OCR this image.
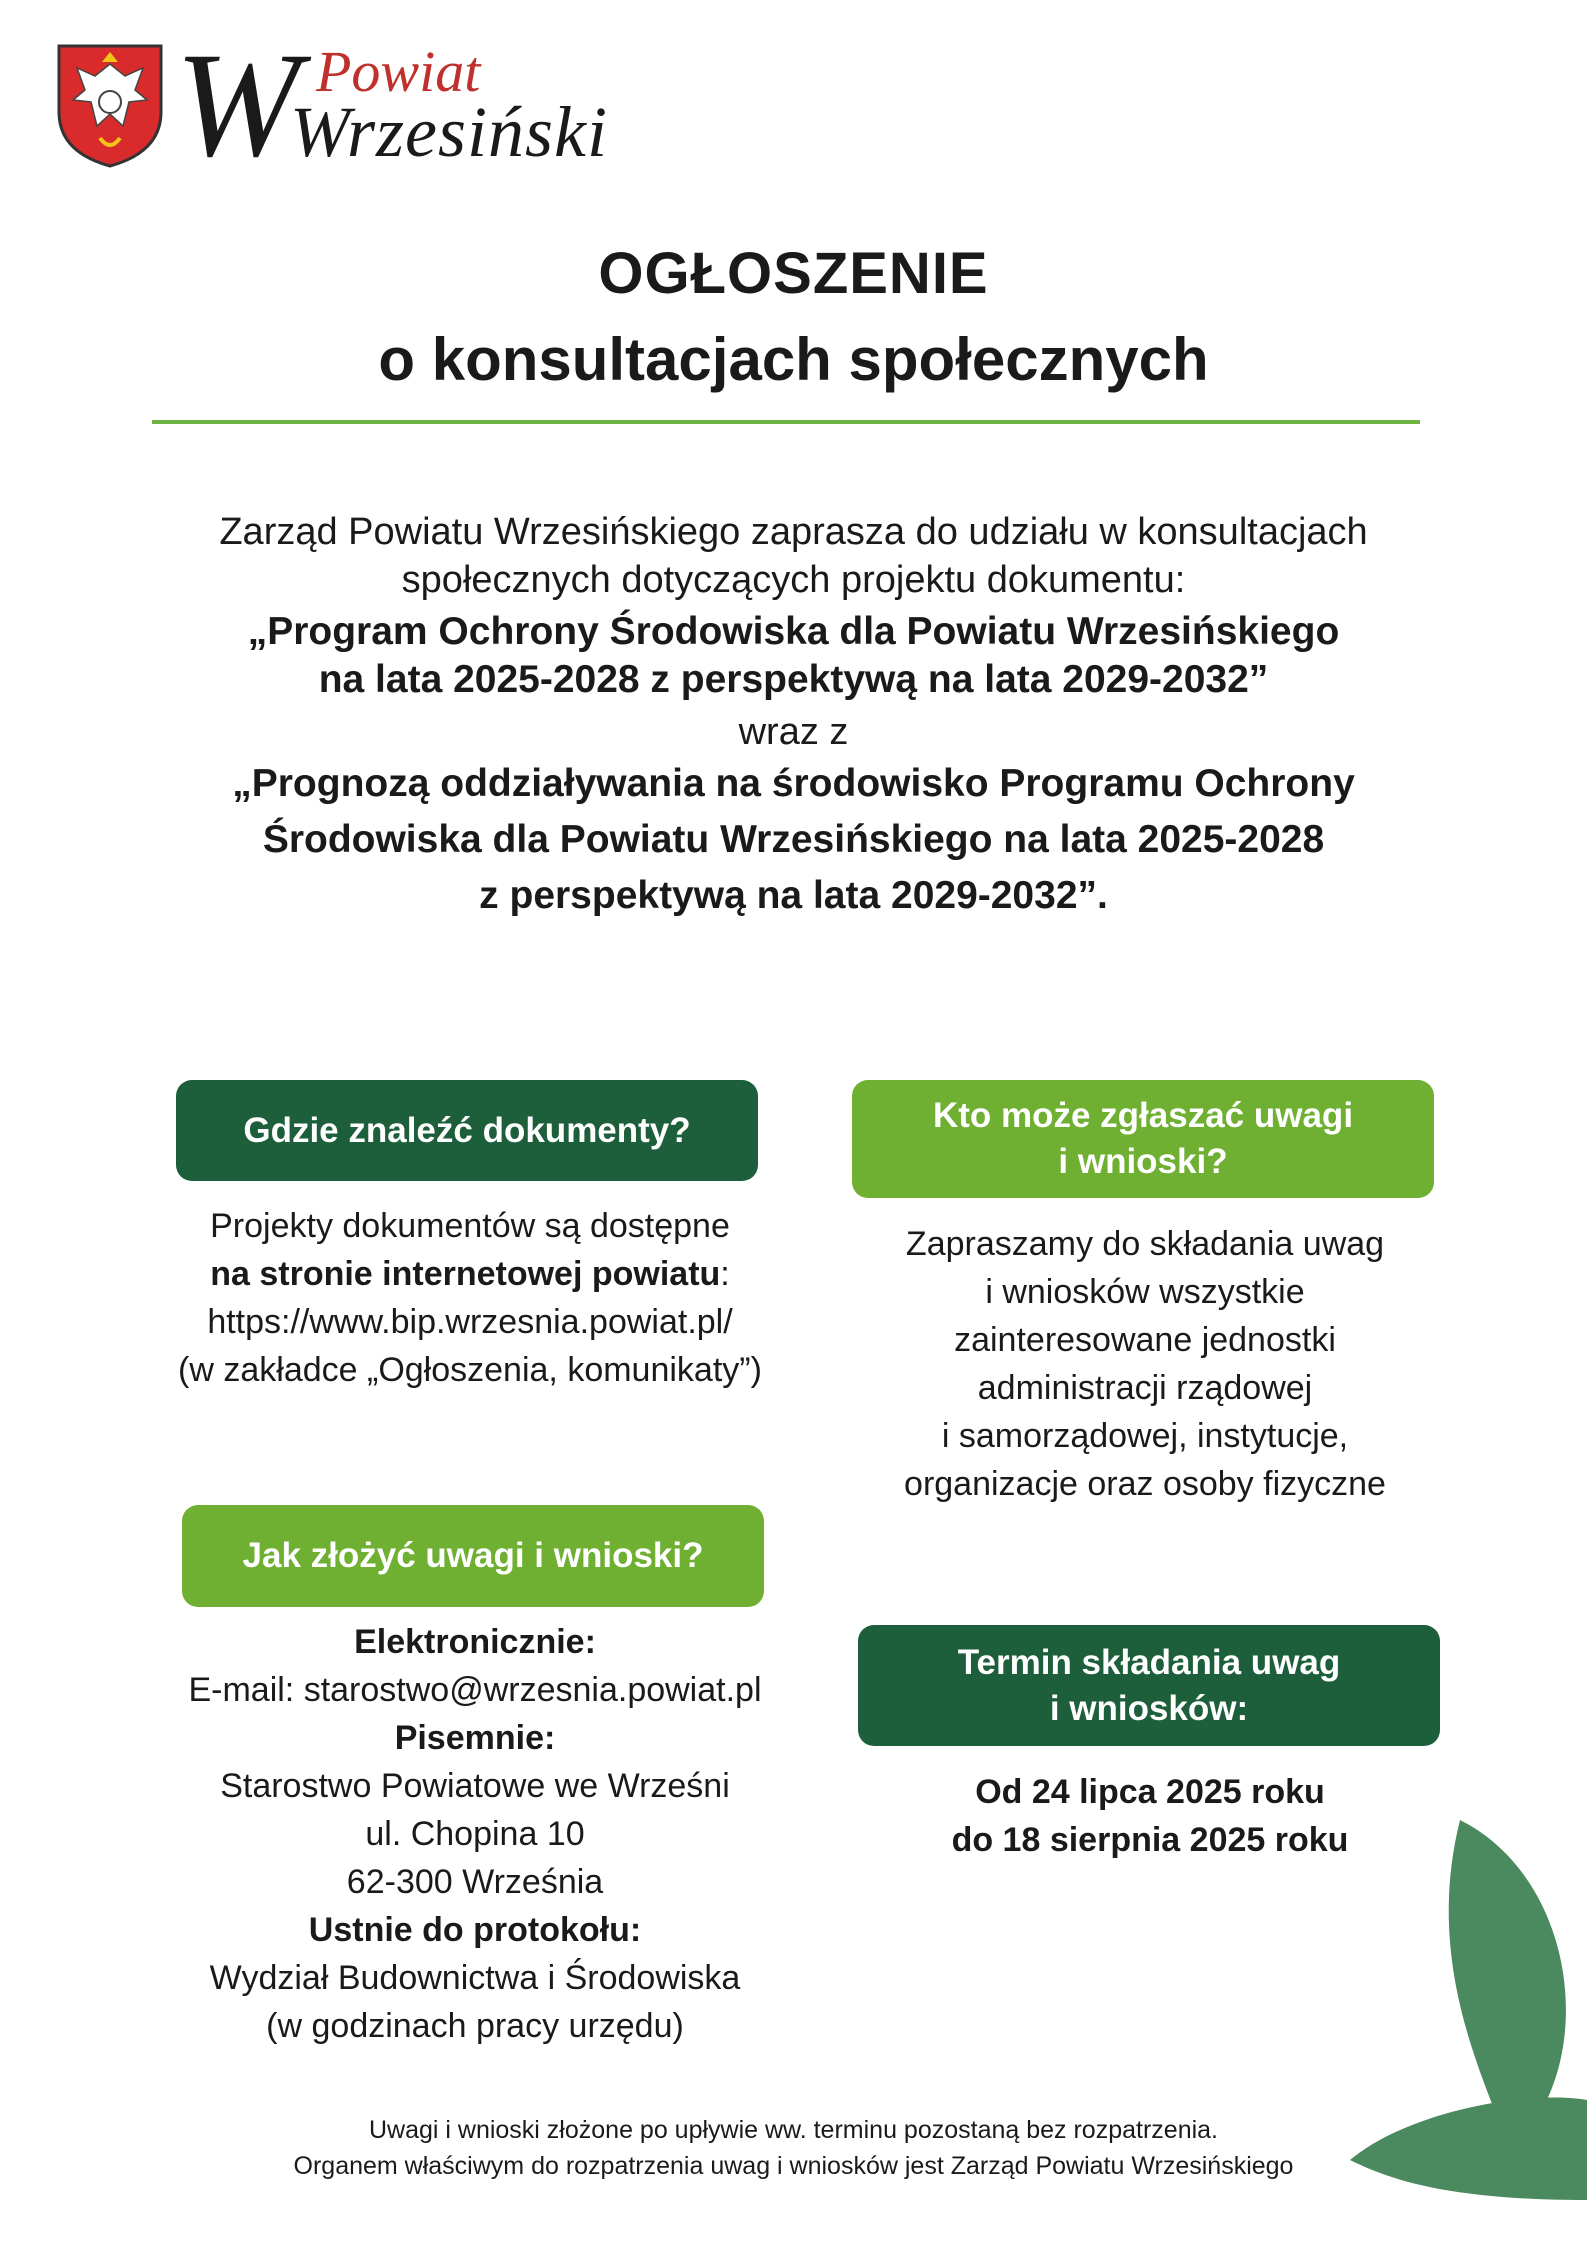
W Powiat
Wrzesiński
OGŁOSZENIE
o konsultacjach społecznych

Zarząd Powiatu Wrzesińskiego zaprasza do udziału w konsultacjach

społecznych dotyczących projektu dokumentu:

„Program Ochrony Środowiska dla Powiatu Wrzesińskiego

na lata 2025-2028 z perspektywą na lata 2029-2032”

wraz z

„Prognozą oddziaływania na środowisko Programu Ochrony

Środowiska dla Powiatu Wrzesińskiego na lata 2025-2028

z perspektywą na lata 2029-2032”.

Gdzie znaleźć dokumenty?
Projekty dokumentów są dostępne
na stronie internetowej powiatu:
https://www.bip.wrzesnia.powiat.pl/
(w zakładce „Ogłoszenia, komunikaty”)
Kto może zgłaszać uwagi
i wnioski?
Zapraszamy do składania uwag
i wniosków wszystkie
zainteresowane jednostki
administracji rządowej
i samorządowej, instytucje,
organizacje oraz osoby fizyczne
Jak złożyć uwagi i wnioski?
Elektronicznie:
E-mail: starostwo@wrzesnia.powiat.pl
Pisemnie:
Starostwo Powiatowe we Wrześni
ul. Chopina 10
62-300 Września
Ustnie do protokołu:
Wydział Budownictwa i Środowiska
(w godzinach pracy urzędu)
Termin składania uwag
i wniosków:
Od 24 lipca 2025 roku
do 18 sierpnia 2025 roku
Uwagi i wnioski złożone po upływie ww. terminu pozostaną bez rozpatrzenia.
Organem właściwym do rozpatrzenia uwag i wniosków jest Zarząd Powiatu Wrzesińskiego
